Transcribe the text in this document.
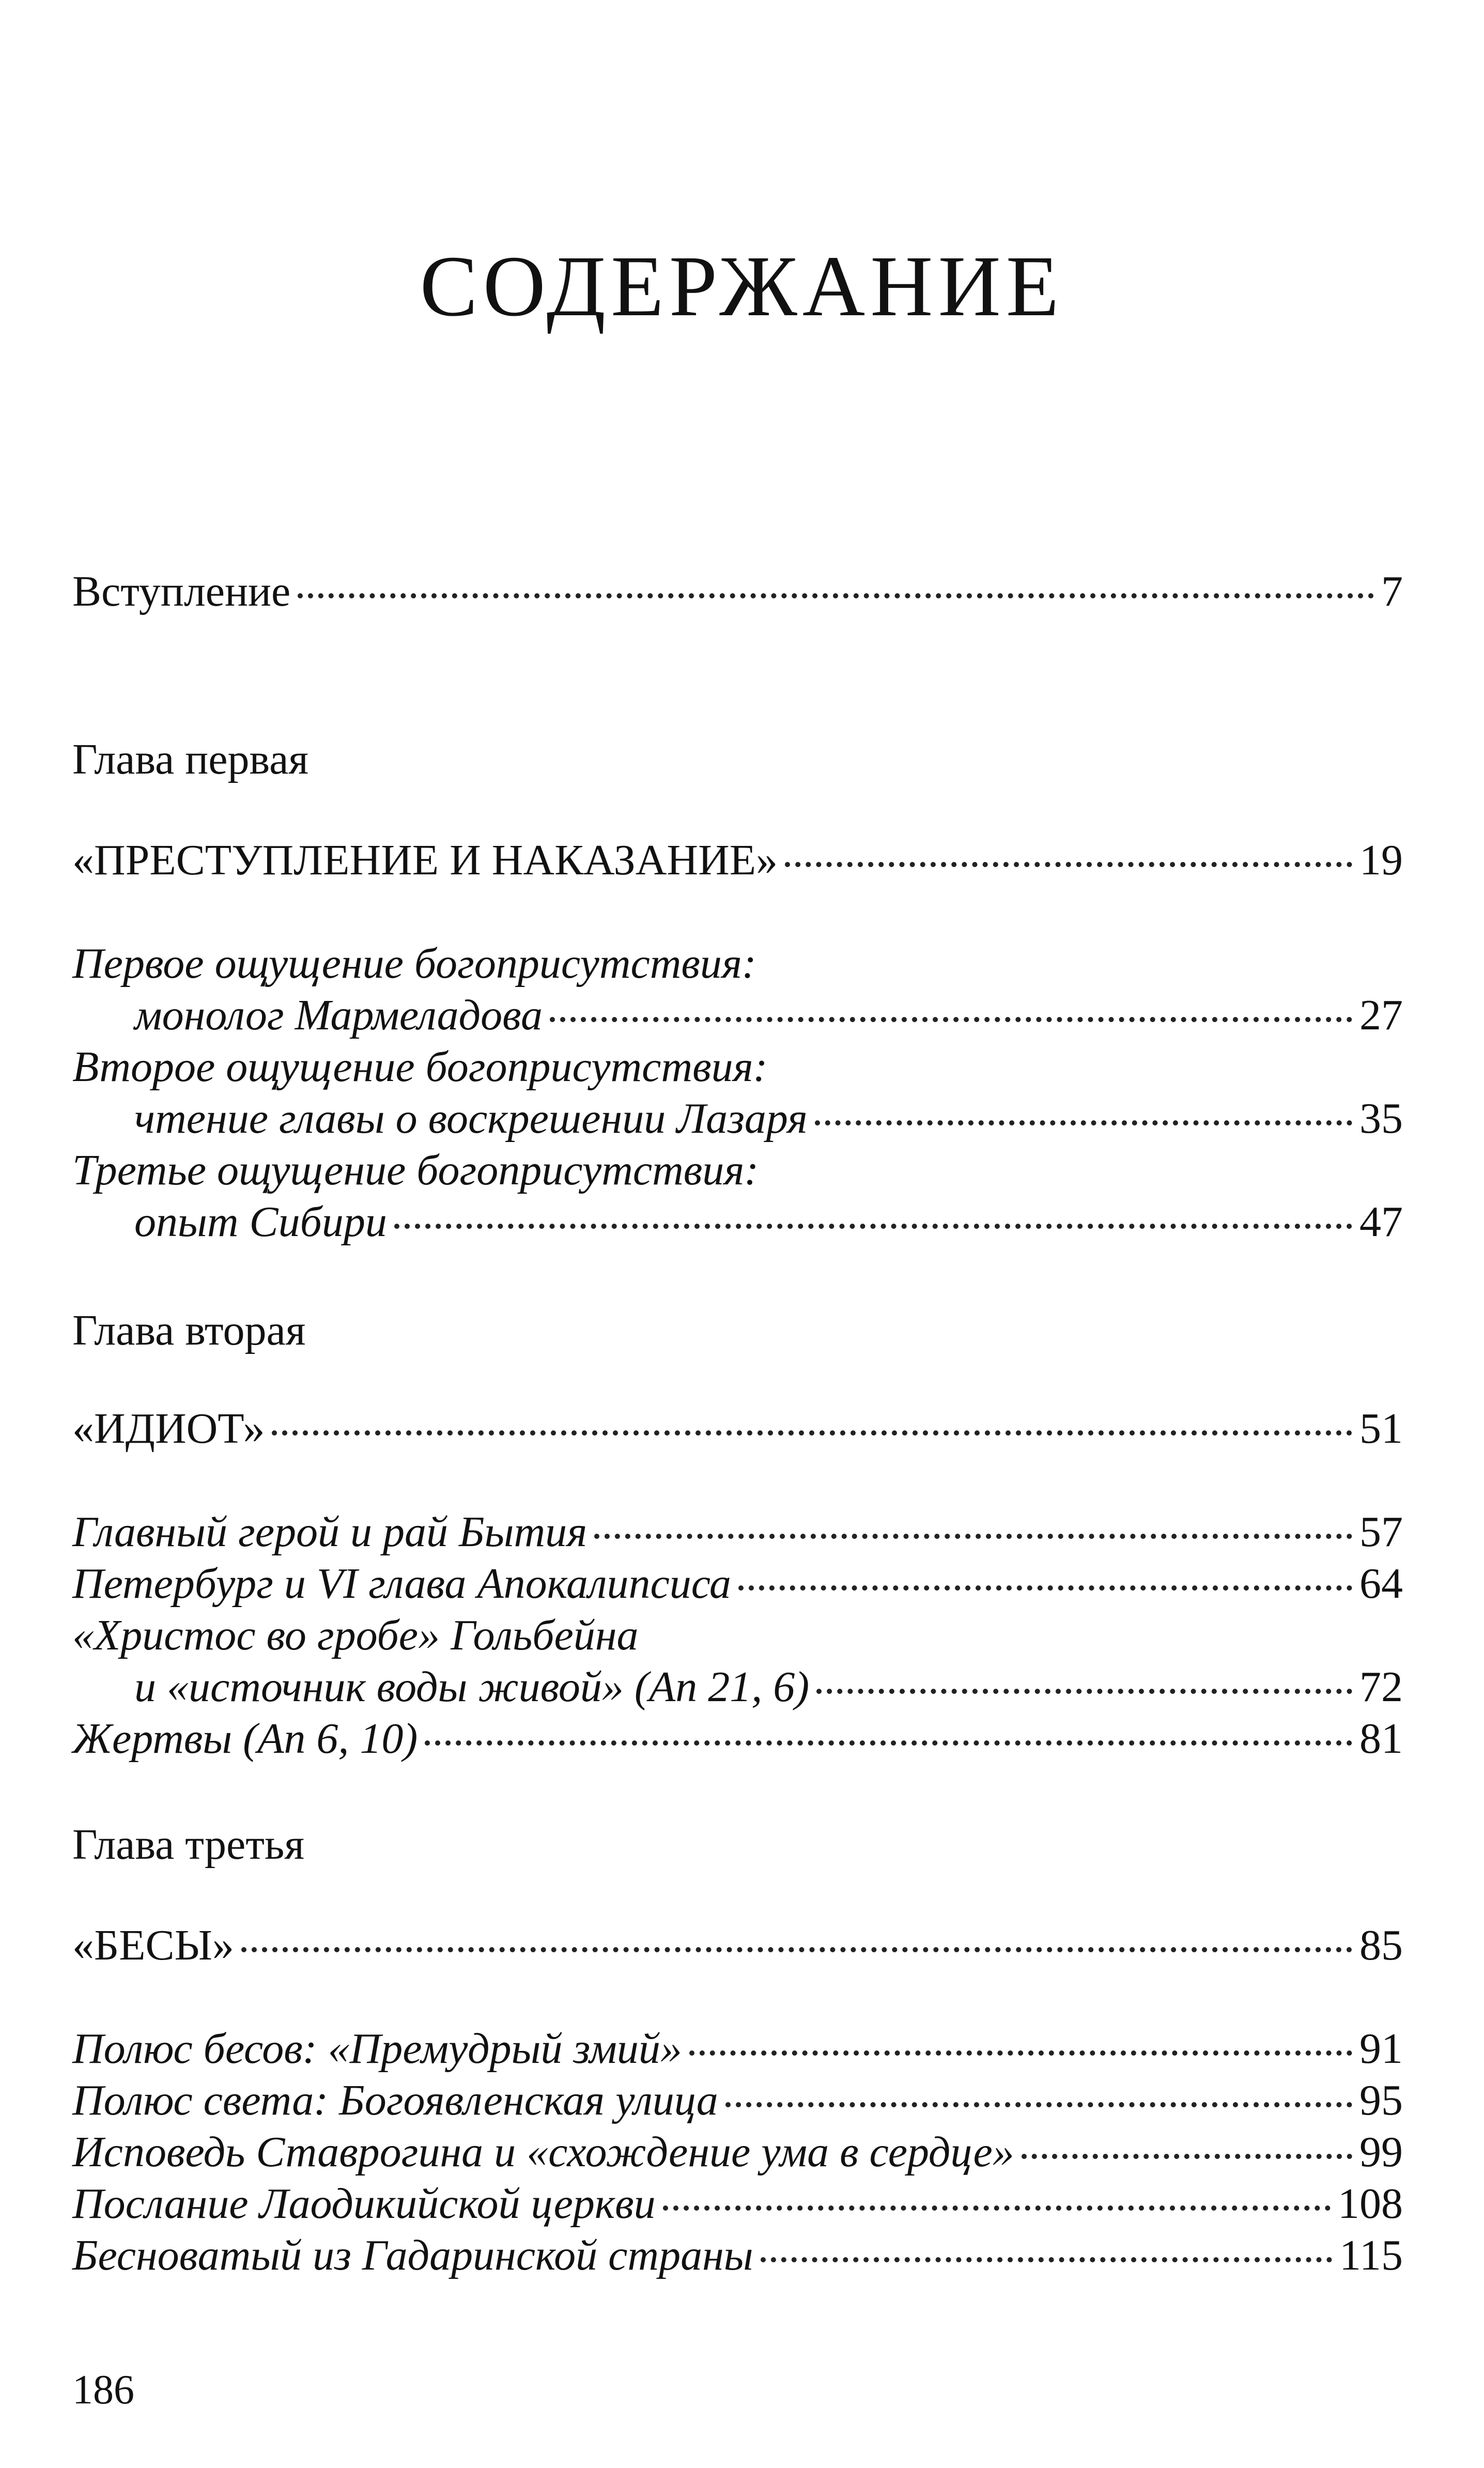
СОДЕРЖАНИЕ
Вступление	7
Глава первая
«ПРЕСТУПЛЕНИЕ И НАКАЗАНИЕ»	19
Первое ощущение богоприсутствия:
монолог Мармеладова	27
Второе ощущение богоприсутствия:
чтение главы о воскрешении Лазаря	35
Третье ощущение богоприсутствия:
опыт Сибири	47
Глава вторая
«ИДИОТ»	51
Главный герой и рай Бытия	57
Петербург и VI глава Апокалипсиса	64
«Христос во гробе» Гольбейна
и «источник воды живой» (Ап 21, 6)	72
Жертвы (Ап 6, 10)	81
Глава третья
«БЕСЫ»	85
Полюс бесов: «Премудрый змий»	91
Полюс света: Богоявленская улица	95
Исповедь Ставрогина и «схождение ума в сердце»	99
Послание Лаодикийской церкви	108
Бесноватый из Гадаринской страны	115
186
